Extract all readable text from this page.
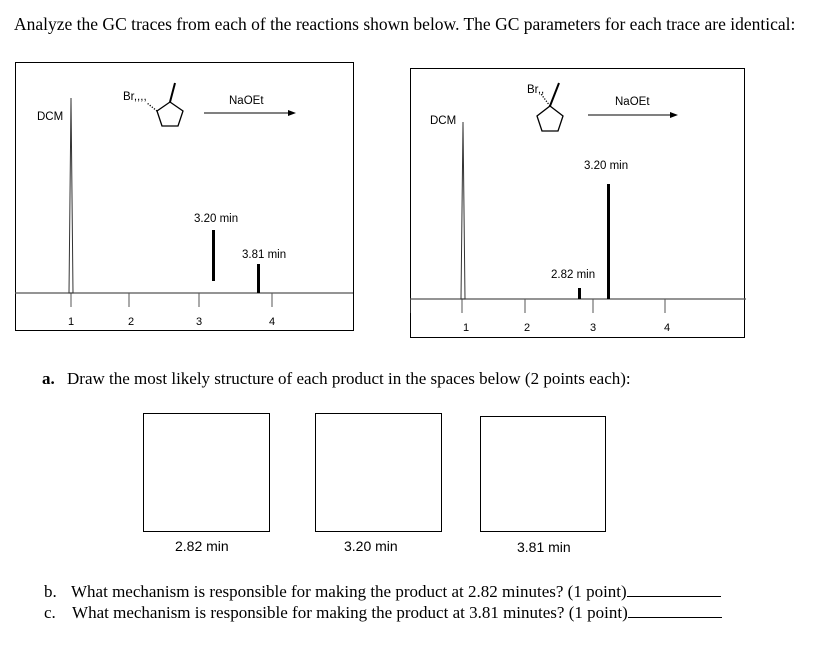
Analyze the GC traces from each of the reactions shown below. The GC parameters for each trace are identical:
1	2	3	4
DCM
3.20 min
3.81 min
Br,,,,	NaOEt
1	2	3	4
DCM
2.82 min
3.20 min
Br,,
NaOEt
a. Draw the most likely structure of each product in the spaces below (2 points each):
2.82 min	3.20 min	3.81 min
b. What mechanism is responsible for making the product at 2.82 minutes? (1 point)
c. What mechanism is responsible for making the product at 3.81 minutes? (1 point)
